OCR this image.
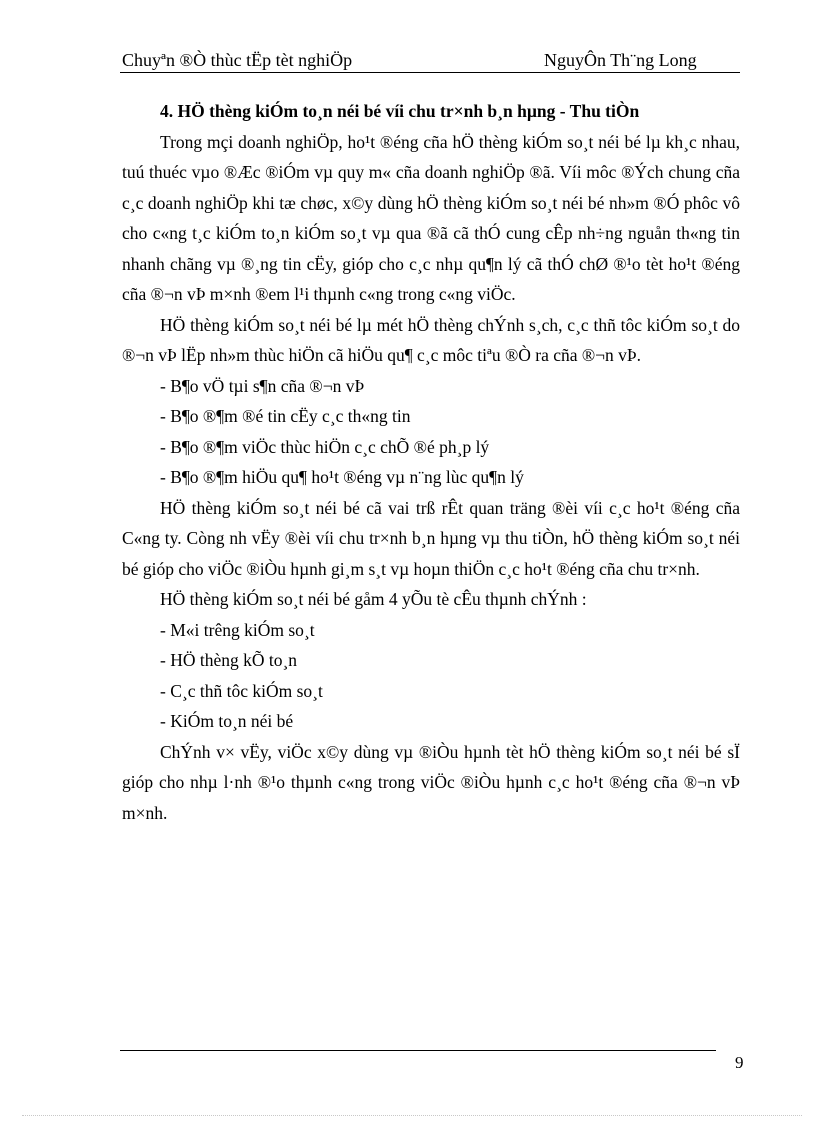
Chuyªn ®Ò thùc tËp tèt nghiÖp	NguyÔn Th¨ng Long

4. HÖ thèng kiÓm to¸n néi bé víi chu tr×nh b¸n hµng - Thu tiÒn

Trong mçi doanh nghiÖp, ho¹t ®éng cña hÖ thèng kiÓm so¸t néi bé lµ kh¸c nhau, tuú thuéc vµo ®Æc ®iÓm vµ quy m« cña doanh nghiÖp ®ã. Víi môc ®Ých chung cña c¸c doanh nghiÖp khi tæ chøc, x©y dùng hÖ thèng kiÓm so¸t néi bé nh»m ®Ó phôc vô cho c«ng t¸c kiÓm to¸n kiÓm so¸t vµ qua ®ã cã thÓ cung cÊp nh÷ng nguån th«ng tin nhanh chãng vµ ®¸ng tin cËy, gióp cho c¸c nhµ qu¶n lý cã thÓ chØ ®¹o tèt ho¹t ®éng cña ®¬n vÞ m×nh ®em l¹i thµnh c«ng trong c«ng viÖc.

HÖ thèng kiÓm so¸t néi bé lµ mét hÖ thèng chÝnh s¸ch, c¸c thñ tôc kiÓm so¸t do ®¬n vÞ lËp nh»m thùc hiÖn cã hiÖu qu¶ c¸c môc tiªu ®Ò ra cña ®¬n vÞ.

- B¶o vÖ tµi s¶n cña ®¬n vÞ

- B¶o ®¶m ®é tin cËy c¸c th«ng tin

- B¶o ®¶m viÖc thùc hiÖn c¸c chÕ ®é ph¸p lý

- B¶o ®¶m hiÖu qu¶ ho¹t ®éng vµ n¨ng lùc qu¶n lý

HÖ thèng kiÓm so¸t néi bé cã vai trß rÊt quan träng ®èi víi c¸c ho¹t ®éng cña C«ng ty. Còng nh vËy ®èi víi chu tr×nh b¸n hµng vµ thu tiÒn, hÖ thèng kiÓm so¸t néi bé gióp cho viÖc ®iÒu hµnh gi¸m s¸t vµ hoµn thiÖn c¸c ho¹t ®éng cña chu tr×nh.

HÖ thèng kiÓm so¸t néi bé gåm 4 yÕu tè cÊu thµnh chÝnh :

- M«i trêng kiÓm so¸t

- HÖ thèng kÕ to¸n

- C¸c thñ tôc kiÓm so¸t

- KiÓm to¸n néi bé

ChÝnh v× vËy, viÖc x©y dùng vµ ®iÒu hµnh tèt hÖ thèng kiÓm so¸t néi bé sÏ gióp cho nhµ l·nh ®¹o thµnh c«ng trong viÖc ®iÒu hµnh c¸c ho¹t ®éng cña ®¬n vÞ m×nh.

9
